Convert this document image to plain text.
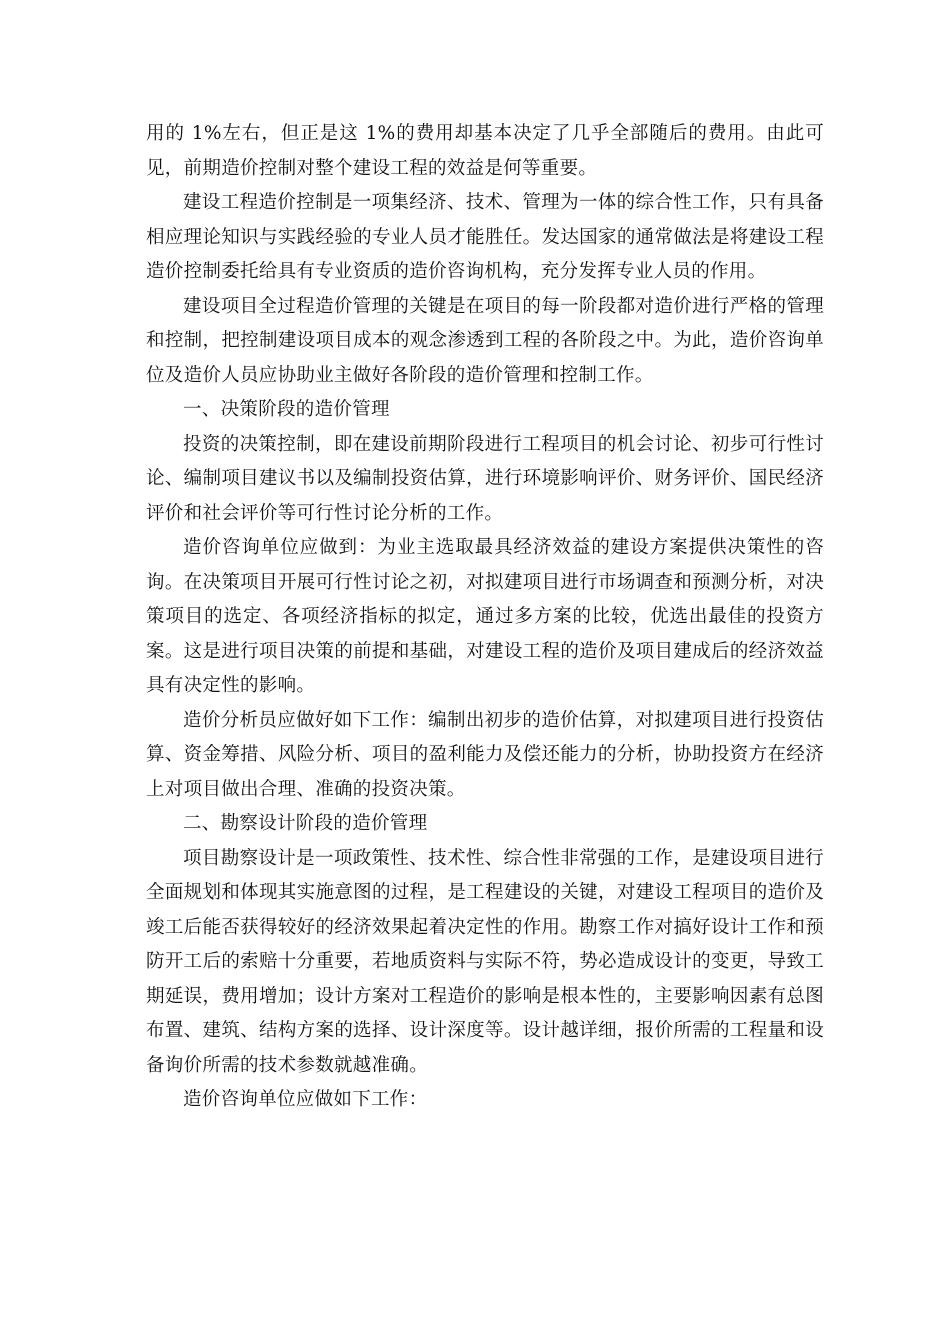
用的 1%左右，但正是这 1%的费用却基本决定了几乎全部随后的费用。由此可见，前期造价控制对整个建设工程的效益是何等重要。

建设工程造价控制是一项集经济、技术、管理为一体的综合性工作，只有具备相应理论知识与实践经验的专业人员才能胜任。发达国家的通常做法是将建设工程造价控制委托给具有专业资质的造价咨询机构，充分发挥专业人员的作用。

建设项目全过程造价管理的关键是在项目的每一阶段都对造价进行严格的管理和控制，把控制建设项目成本的观念渗透到工程的各阶段之中。为此，造价咨询单位及造价人员应协助业主做好各阶段的造价管理和控制工作。

一、决策阶段的造价管理

投资的决策控制，即在建设前期阶段进行工程项目的机会讨论、初步可行性讨论、编制项目建议书以及编制投资估算，进行环境影响评价、财务评价、国民经济评价和社会评价等可行性讨论分析的工作。

造价咨询单位应做到：为业主选取最具经济效益的建设方案提供决策性的咨询。在决策项目开展可行性讨论之初，对拟建项目进行市场调查和预测分析，对决策项目的选定、各项经济指标的拟定，通过多方案的比较，优选出最佳的投资方案。这是进行项目决策的前提和基础，对建设工程的造价及项目建成后的经济效益具有决定性的影响。

造价分析员应做好如下工作：编制出初步的造价估算，对拟建项目进行投资估算、资金筹措、风险分析、项目的盈利能力及偿还能力的分析，协助投资方在经济上对项目做出合理、准确的投资决策。

二、勘察设计阶段的造价管理

项目勘察设计是一项政策性、技术性、综合性非常强的工作，是建设项目进行全面规划和体现其实施意图的过程，是工程建设的关键，对建设工程项目的造价及竣工后能否获得较好的经济效果起着决定性的作用。勘察工作对搞好设计工作和预防开工后的索赔十分重要，若地质资料与实际不符，势必造成设计的变更，导致工期延误，费用增加；设计方案对工程造价的影响是根本性的，主要影响因素有总图布置、建筑、结构方案的选择、设计深度等。设计越详细，报价所需的工程量和设备询价所需的技术参数就越准确。

造价咨询单位应做如下工作：
